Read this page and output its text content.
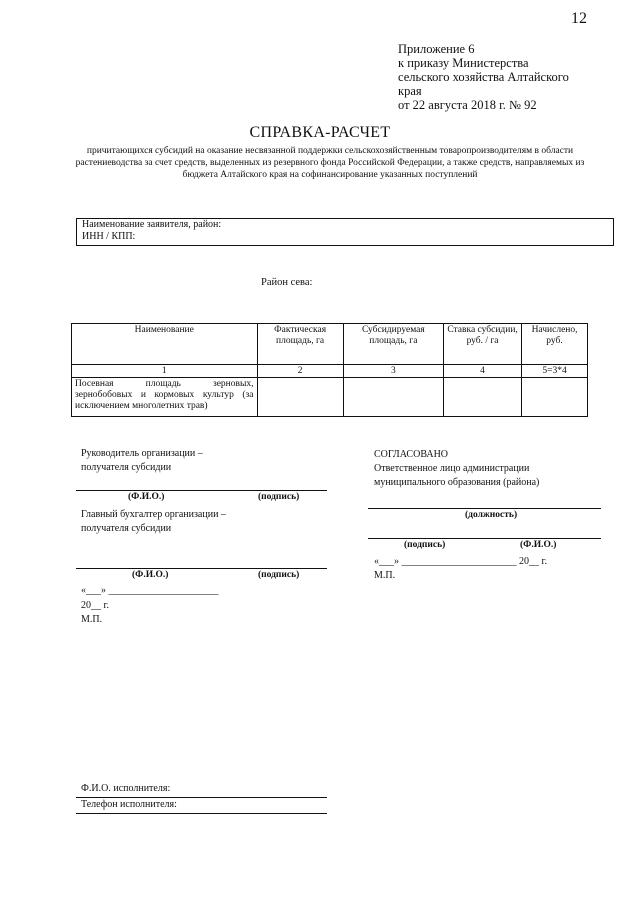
12
Приложение 6
к приказу Министерства
сельского хозяйства Алтайского
края
от 22 августа 2018 г. № 92
СПРАВКА-РАСЧЕТ
причитающихся субсидий на оказание несвязанной поддержки сельскохозяйственным товаропроизводителям в области растениеводства за счет средств, выделенных из резервного фонда Российской Федерации, а также средств, направляемых из бюджета Алтайского края на софинансирование указанных поступлений
Наименование заявителя, район:
ИНН / КПП:
Район сева:
Наименование	Фактическая площадь, га	Субсидируемая площадь, га	Ставка субсидии, руб. / га	Начислено, руб.
1	2	3	4	5=3*4
Посевная площадь зерновых, зернобобовых и кормовых культур (за исключением многолетних трав)				
Руководитель организации –
получателя субсидии
(Ф.И.О.)	(подпись)
Главный бухгалтер организации –
получателя субсидии
(Ф.И.О.)	(подпись)
«___» ______________________
20__ г.
М.П.
СОГЛАСОВАНО
Ответственное лицо администрации
муниципального образования (района)
(должность)
(подпись)	(Ф.И.О.)
«___» _______________________ 20__ г.
М.П.
Ф.И.О. исполнителя:
Телефон исполнителя:
